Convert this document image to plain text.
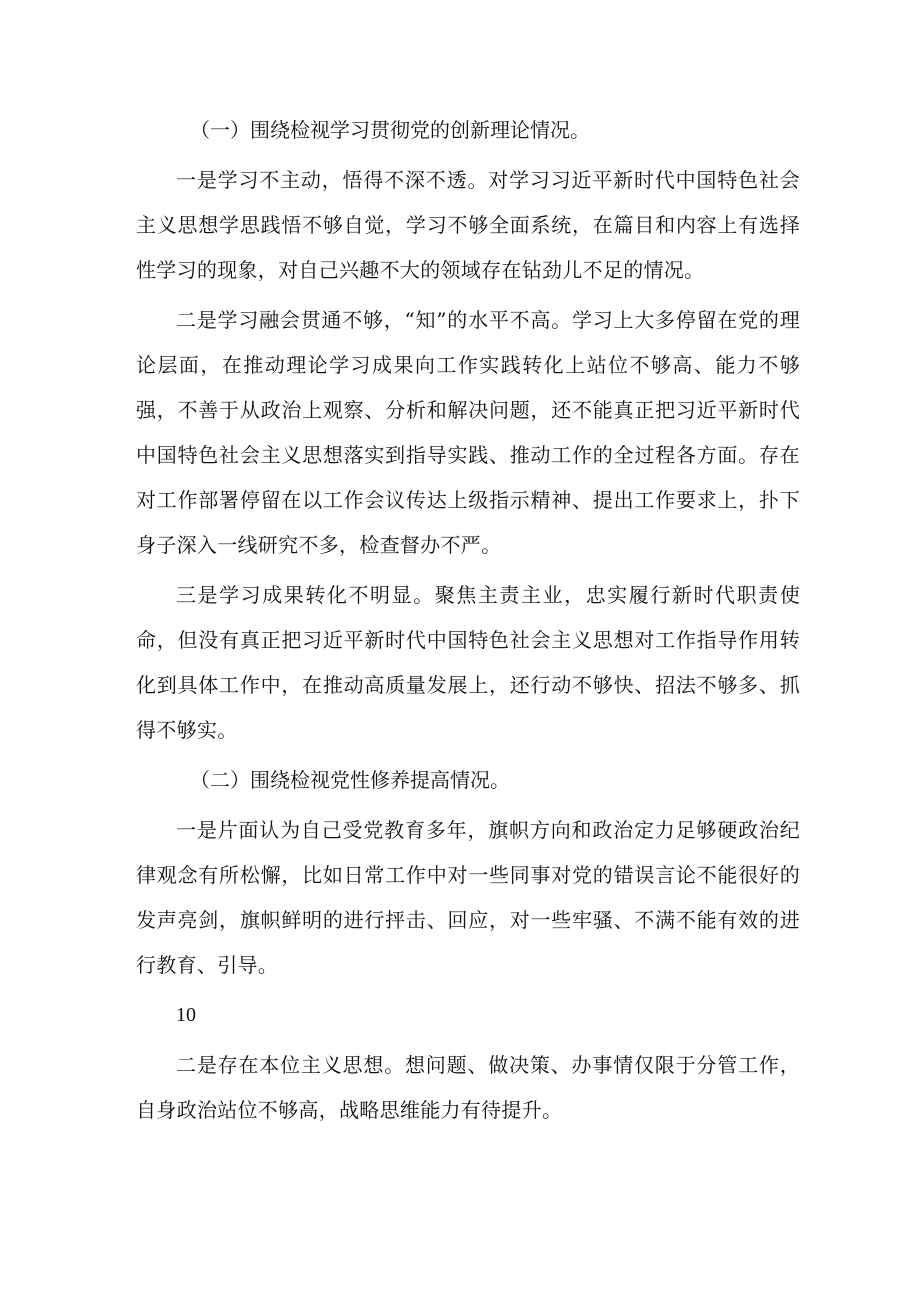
（一）围绕检视学习贯彻党的创新理论情况。

一是学习不主动，悟得不深不透。对学习习近平新时代中国特色社会主义思想学思践悟不够自觉，学习不够全面系统，在篇目和内容上有选择性学习的现象，对自己兴趣不大的领域存在钻劲儿不足的情况。

二是学习融会贯通不够，“知”的水平不高。学习上大多停留在党的理论层面，在推动理论学习成果向工作实践转化上站位不够高、能力不够强，不善于从政治上观察、分析和解决问题，还不能真正把习近平新时代中国特色社会主义思想落实到指导实践、推动工作的全过程各方面。存在对工作部署停留在以工作会议传达上级指示精神、提出工作要求上，扑下身子深入一线研究不多，检查督办不严。

三是学习成果转化不明显。聚焦主责主业，忠实履行新时代职责使命，但没有真正把习近平新时代中国特色社会主义思想对工作指导作用转化到具体工作中，在推动高质量发展上，还行动不够快、招法不够多、抓得不够实。

（二）围绕检视党性修养提高情况。

一是片面认为自己受党教育多年，旗帜方向和政治定力足够硬政治纪律观念有所松懈，比如日常工作中对一些同事对党的错误言论不能很好的发声亮剑，旗帜鲜明的进行抨击、回应，对一些牢骚、不满不能有效的进行教育、引导。

10

二是存在本位主义思想。想问题、做决策、办事情仅限于分管工作，自身政治站位不够高，战略思维能力有待提升。
